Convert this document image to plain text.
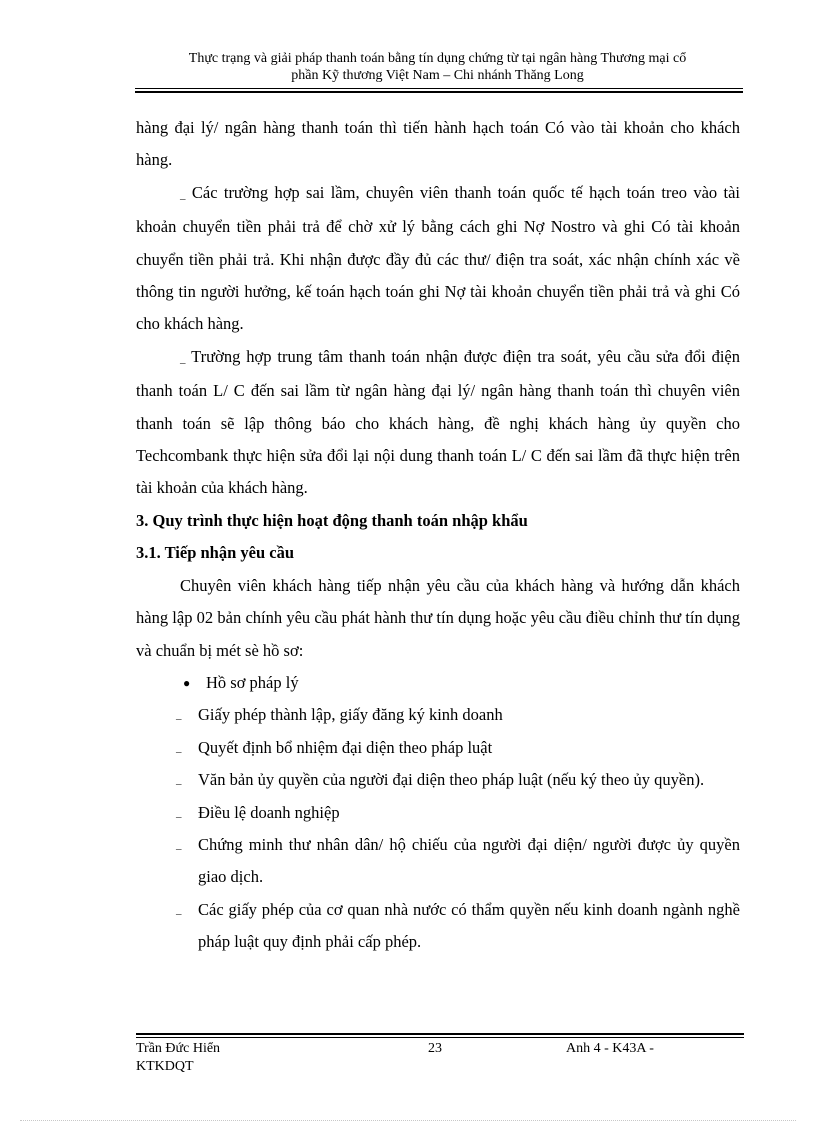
Thực trạng và giải pháp thanh toán bằng tín dụng chứng từ tại ngân hàng Thương mại cổ
phần Kỹ thương Việt Nam – Chi nhánh Thăng Long

hàng đại lý/ ngân hàng thanh toán thì tiến hành hạch toán Có vào tài khoản cho khách hàng.

_ Các trường hợp sai lầm, chuyên viên thanh toán quốc tế hạch toán treo vào tài khoản chuyển tiền phải trả để chờ xử lý bằng cách ghi Nợ Nostro và ghi Có tài khoản chuyển tiền phải trả. Khi nhận được đầy đủ các thư/ điện tra soát, xác nhận chính xác về thông tin người hưởng, kế toán hạch toán ghi Nợ tài khoản chuyển tiền phải trả và ghi Có cho khách hàng.

_ Trường hợp trung tâm thanh toán nhận được điện tra soát, yêu cầu sửa đổi điện thanh toán L/ C đến sai lầm từ ngân hàng đại lý/ ngân hàng thanh toán thì chuyên viên thanh toán sẽ lập thông báo cho khách hàng, đề nghị khách hàng ủy quyền cho Techcombank thực hiện sửa đổi lại nội dung thanh toán L/ C đến sai lầm đã thực hiện trên tài khoản của khách hàng.

3. Quy trình thực hiện hoạt động thanh toán nhập khẩu

3.1. Tiếp nhận yêu cầu

Chuyên viên khách hàng tiếp nhận yêu cầu của khách hàng và hướng dẫn khách hàng lập 02 bản chính yêu cầu phát hành thư tín dụng hoặc yêu cầu điều chỉnh thư tín dụng và chuẩn bị mét sè hồ sơ:

● Hồ sơ pháp lý

_ Giấy phép thành lập, giấy đăng ký kinh doanh

_ Quyết định bổ nhiệm đại diện theo pháp luật

_ Văn bản ủy quyền của người đại diện theo pháp luật (nếu ký theo ủy quyền).

_ Điều lệ doanh nghiệp

_ Chứng minh thư nhân dân/ hộ chiếu của người đại diện/ người được ủy quyền giao dịch.

_ Các giấy phép của cơ quan nhà nước có thẩm quyền nếu kinh doanh ngành nghề pháp luật quy định phải cấp phép.

Trần Đức Hiển
KTKDQT
23	Anh 4 - K43A -
